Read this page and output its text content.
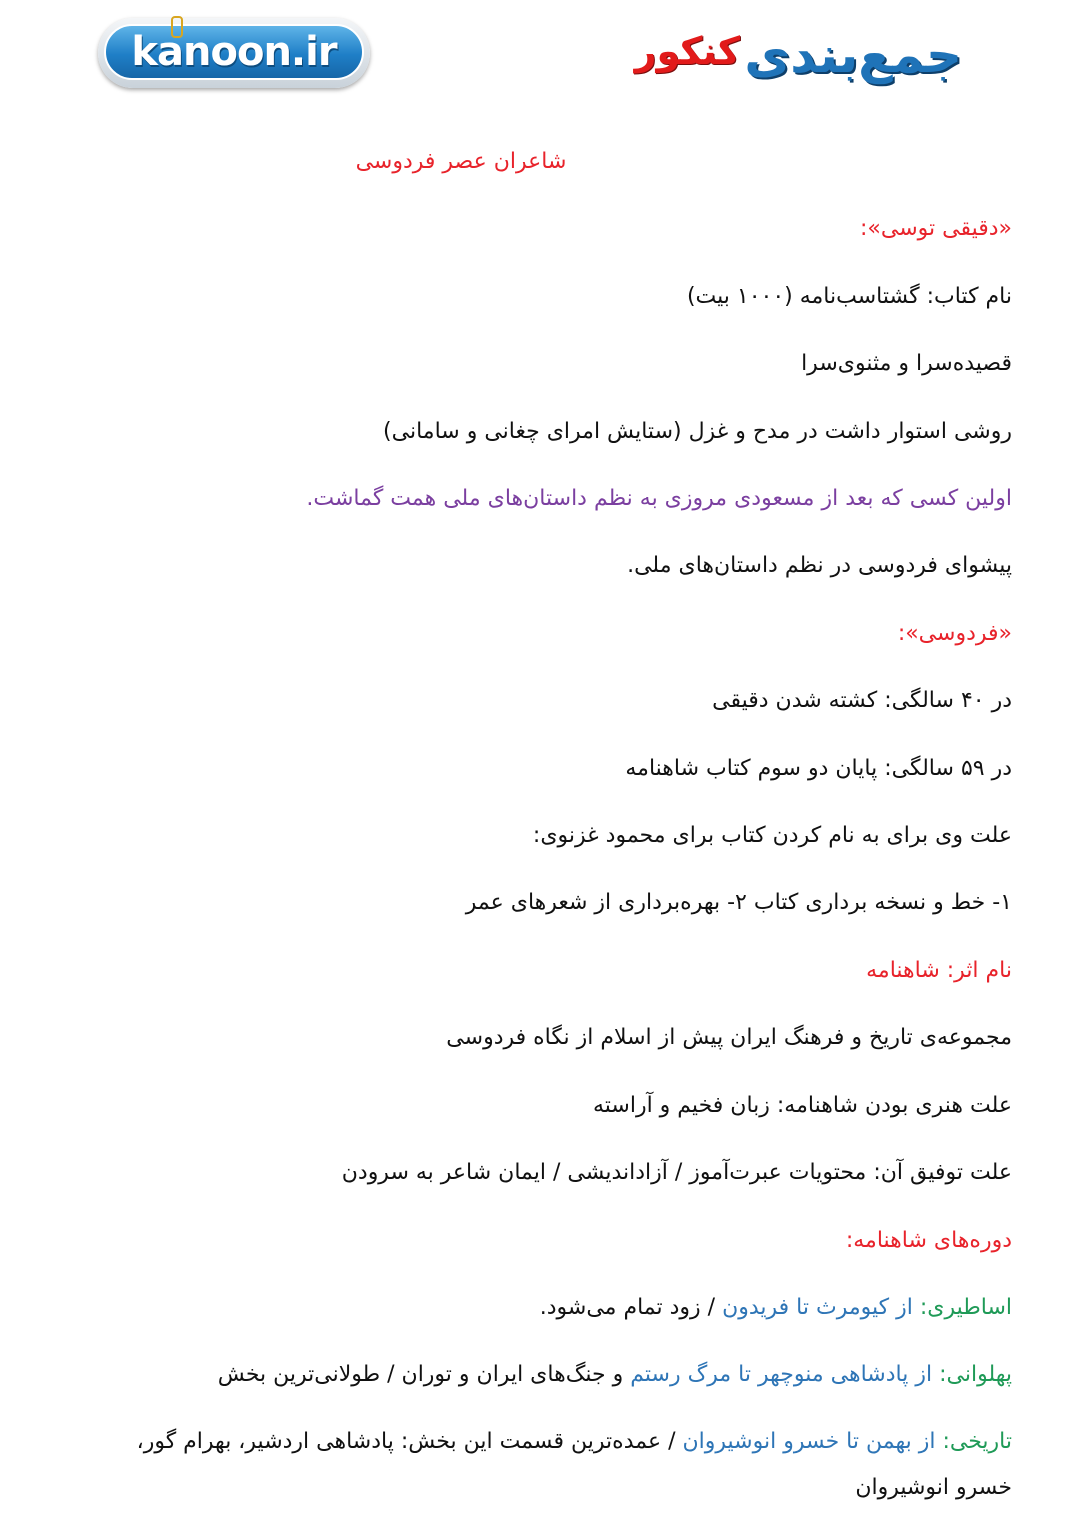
kanoon.ir	جمع‌بندی
کنکور
شاعران عصر فردوسی
«دقیقی توسی»:
نام کتاب: گشتاسب‌نامه (۱۰۰۰ بیت)
قصیده‌سرا و مثنوی‌سرا
روشی استوار داشت در مدح و غزل (ستایش امرای چغانی و سامانی)
اولین کسی که بعد از مسعودی مروزی به نظم داستان‌های ملی همت گماشت.
پیشوای فردوسی در نظم داستان‌های ملی.
«فردوسی»:
در ۴۰ سالگی: کشته شدن دقیقی
در ۵۹ سالگی: پایان دو سوم کتاب شاهنامه
علت وی برای به نام کردن کتاب برای محمود غزنوی:
۱- خط و نسخه برداری کتاب ۲- بهره‌برداری از شعرهای عمر
نام اثر: شاهنامه
مجموعه‌ی تاریخ و فرهنگ ایران پیش از اسلام از نگاه فردوسی
علت هنری بودن شاهنامه: زبان فخیم و آراسته
علت توفیق آن: محتویات عبرت‌آموز / آزاداندیشی / ایمان شاعر به سرودن
دوره‌های شاهنامه:
اساطیری: از کیومرث تا فریدون / زود تمام می‌شود.
پهلوانی: از پادشاهی منوچهر تا مرگ رستم و جنگ‌های ایران و توران / طولانی‌ترین بخش
تاریخی: از بهمن تا خسرو انوشیروان / عمده‌ترین قسمت این بخش: پادشاهی اردشیر، بهرام گور، خسرو انوشیروان
